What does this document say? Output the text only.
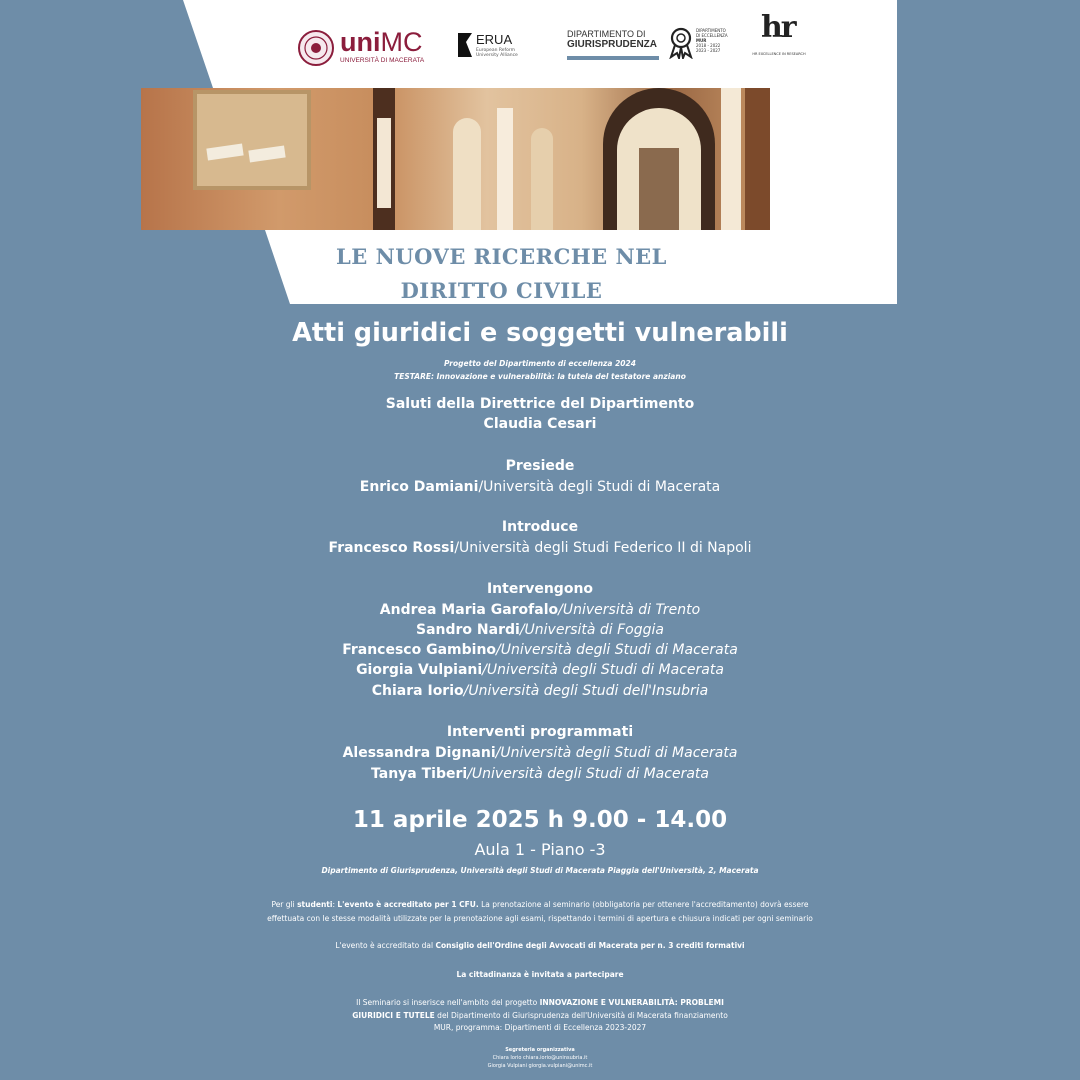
uniMC
UNIVERSITÀ DI MACERATA
ERUA
European Reform
University Alliance
DIPARTIMENTO DI
GIURISPRUDENZA
DIPARTIMENTO
DI ECCELLENZA
MUR
2018 - 2022
2023 - 2027
hr
HR EXCELLENCE IN RESEARCH
LE NUOVE RICERCHE NEL
DIRITTO CIVILE
Atti giuridici e soggetti vulnerabili
Progetto del Dipartimento di eccellenza 2024
TESTARE: Innovazione e vulnerabilità: la tutela del testatore anziano
Saluti della Direttrice del Dipartimento
Claudia Cesari
Presiede
Enrico Damiani/Università degli Studi di Macerata
Introduce
Francesco Rossi/Università degli Studi Federico II di Napoli
Intervengono
Andrea Maria Garofalo/Università di Trento
Sandro Nardi/Università di Foggia
Francesco Gambino/Università degli Studi di Macerata
Giorgia Vulpiani/Università degli Studi di Macerata
Chiara Iorio/Università degli Studi dell'Insubria
Interventi programmati
Alessandra Dignani/Università degli Studi di Macerata
Tanya Tiberi/Università degli Studi di Macerata
11 aprile 2025 h 9.00 - 14.00
Aula 1 - Piano -3
Dipartimento di Giurisprudenza, Università degli Studi di Macerata Piaggia dell'Università, 2, Macerata
Per gli studenti: L'evento è accreditato per 1 CFU. La prenotazione al seminario (obbligatoria per ottenere l'accreditamento) dovrà essere
effettuata con le stesse modalità utilizzate per la prenotazione agli esami, rispettando i termini di apertura e chiusura indicati per ogni seminario
L'evento è accreditato dal Consiglio dell'Ordine degli Avvocati di Macerata per n. 3 crediti formativi
La cittadinanza è invitata a partecipare
Il Seminario si inserisce nell'ambito del progetto INNOVAZIONE E VULNERABILITÀ: PROBLEMI
GIURIDICI E TUTELE del Dipartimento di Giurisprudenza dell'Università di Macerata finanziamento
MUR, programma: Dipartimenti di Eccellenza 2023-2027
Segreteria organizzativa
Chiara Iorio chiara.iorio@uninsubria.it
Giorgia Vulpiani giorgia.vulpiani@unimc.it
